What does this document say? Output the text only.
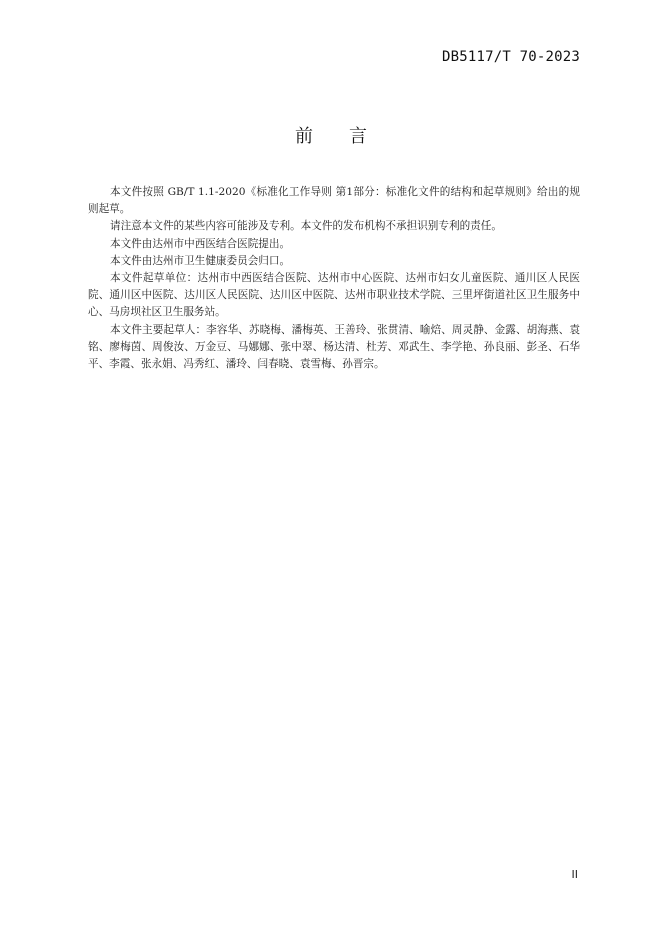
DB5117/T 70-2023
前 言

本文件按照 GB/T 1.1-2020《标准化工作导则 第1部分：标准化文件的结构和起草规则》给出的规则起草。

请注意本文件的某些内容可能涉及专利。本文件的发布机构不承担识别专利的责任。

本文件由达州市中西医结合医院提出。

本文件由达州市卫生健康委员会归口。

本文件起草单位：达州市中西医结合医院、达州市中心医院、达州市妇女儿童医院、通川区人民医院、通川区中医院、达川区人民医院、达川区中医院、达州市职业技术学院、三里坪街道社区卫生服务中心、马房坝社区卫生服务站。

本文件主要起草人：李容华、苏晓梅、潘梅英、王善玲、张贯清、喻焙、周灵静、金露、胡海燕、袁铭、廖梅茵、周俊汝、万金豆、马娜娜、张中翠、杨达清、杜芳、邓武生、李学艳、孙良丽、彭圣、石华平、李霞、张永娟、冯秀红、潘玲、闫春晓、袁雪梅、孙晋宗。

II
